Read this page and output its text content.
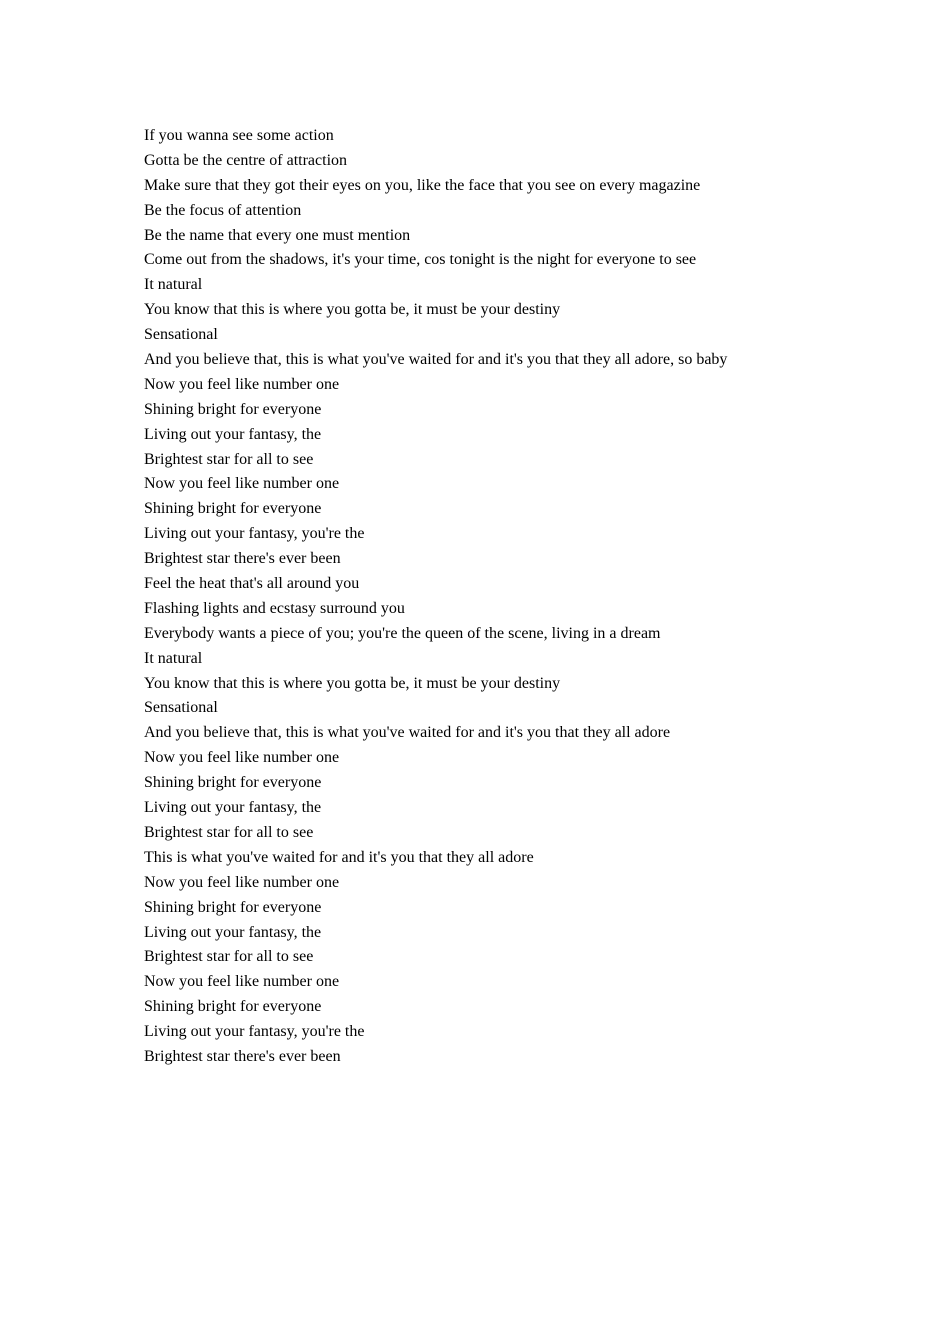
If you wanna see some action
Gotta be the centre of attraction
Make sure that they got their eyes on you, like the face that you see on every magazine
Be the focus of attention
Be the name that every one must mention
Come out from the shadows, it's your time, cos tonight is the night for everyone to see
It natural
You know that this is where you gotta be, it must be your destiny
Sensational
And you believe that, this is what you've waited for and it's you that they all adore, so baby
Now you feel like number one
Shining bright for everyone
Living out your fantasy, the
Brightest star for all to see
Now you feel like number one
Shining bright for everyone
Living out your fantasy, you're the
Brightest star there's ever been
Feel the heat that's all around you
Flashing lights and ecstasy surround you
Everybody wants a piece of you; you're the queen of the scene, living in a dream
It natural
You know that this is where you gotta be, it must be your destiny
Sensational
And you believe that, this is what you've waited for and it's you that they all adore
Now you feel like number one
Shining bright for everyone
Living out your fantasy, the
Brightest star for all to see
This is what you've waited for and it's you that they all adore
Now you feel like number one
Shining bright for everyone
Living out your fantasy, the
Brightest star for all to see
Now you feel like number one
Shining bright for everyone
Living out your fantasy, you're the
Brightest star there's ever been
